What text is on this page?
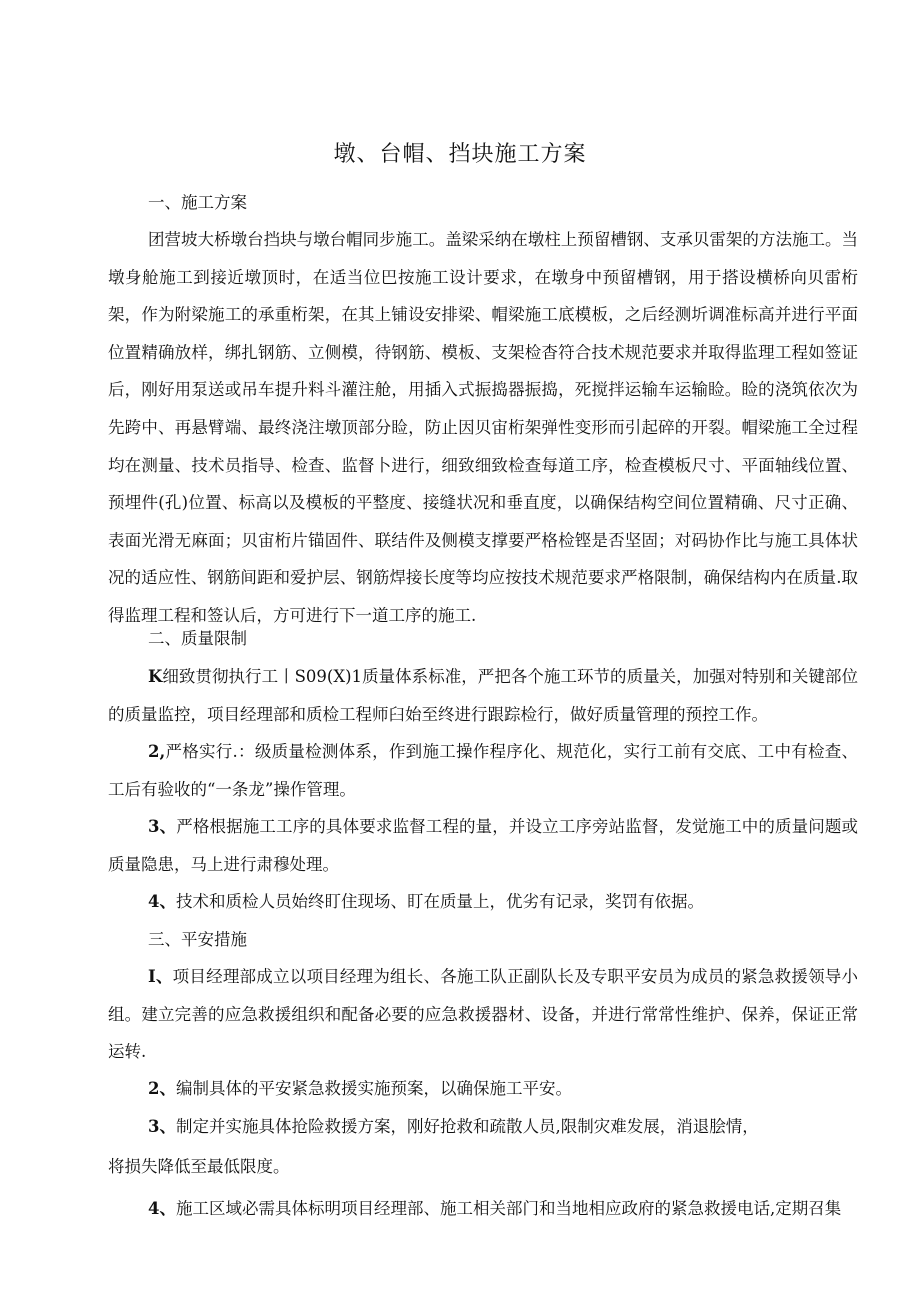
墩、台帽、挡块施工方案
一、施工方案

团营坡大桥墩台挡块与墩台帽同步施工。盖梁采纳在墩柱上预留槽钢、支承贝雷架的方法施工。当墩身舱施工到接近墩顶时，在适当位巴按施工设计要求，在墩身中预留槽钢，用于搭设横桥向贝雷桁架，作为附梁施工的承重桁架，在其上铺设安排梁、帽梁施工底模板，之后经测圻调准标高并进行平面位置精确放样，绑扎钢筋、立侧模，待钢筋、模板、支架检杳符合技术规范要求并取得监理工程如签证后，刚好用泵送或吊车提升料斗灌注舱，用插入式振捣器振捣，死搅拌运输车运输睑。睑的浇筑依次为先跨中、再悬臂端、最终浇注墩顶部分睑，防止因贝宙桁架弹性变形而引起碎的开裂。帽梁施工全过程均在测量、技术员指导、检查、监督卜进行，细致细致检查每道工序，检查模板尺寸、平面轴线位置、预埋件(孔)位置、标高以及模板的平整度、接缝状况和垂直度，以确保结构空间位置精确、尺寸正确、表面光滑无麻面；贝宙桁片锚固件、联结件及侧模支撑要严格检铿是否坚固；对码协作比与施工具体状况的适应性、钢筋间距和爱护层、钢筋焊接长度等均应按技术规范要求严格限制，确保结构内在质量.取得监理工程和签认后，方可进行下一道工序的施工.

二、质量限制

K细致贯彻执行工丨S09(X)1质量体系标准，严把各个施工环节的质量关，加强对特别和关键部位的质量监控，项目经理部和质检工程师臼始至终进行跟踪检行，做好质量管理的预控工作。

2,严格实行.：级质量检测体系，作到施工操作程序化、规范化，实行工前有交底、工中有检查、工后有验收的“一条龙”操作管理。

3、严格根据施工工序的具体要求监督工程的量，并设立工序旁站监督，发觉施工中的质量问题或质量隐患，马上进行肃穆处理。

4、技术和质检人员始终盯住现场、盯在质量上，优劣有记录，奖罚有依据。

三、平安措施

I、项目经理部成立以项目经理为组长、各施工队正副队长及专职平安员为成员的紧急救援领导小组。建立完善的应急救援组织和配备必要的应急救援器材、设备，并进行常常性维护、保养，保证正常运转.

2、编制具体的平安紧急救援实施预案，以确保施工平安。

3、制定并实施具体抢险救援方案，刚好抢救和疏散人员,限制灾难发展，消退脍情，

将损失降低至最低限度。

4、施工区域必需具体标明项目经理部、施工相关部门和当地相应政府的紧急救援电话,定期召集
